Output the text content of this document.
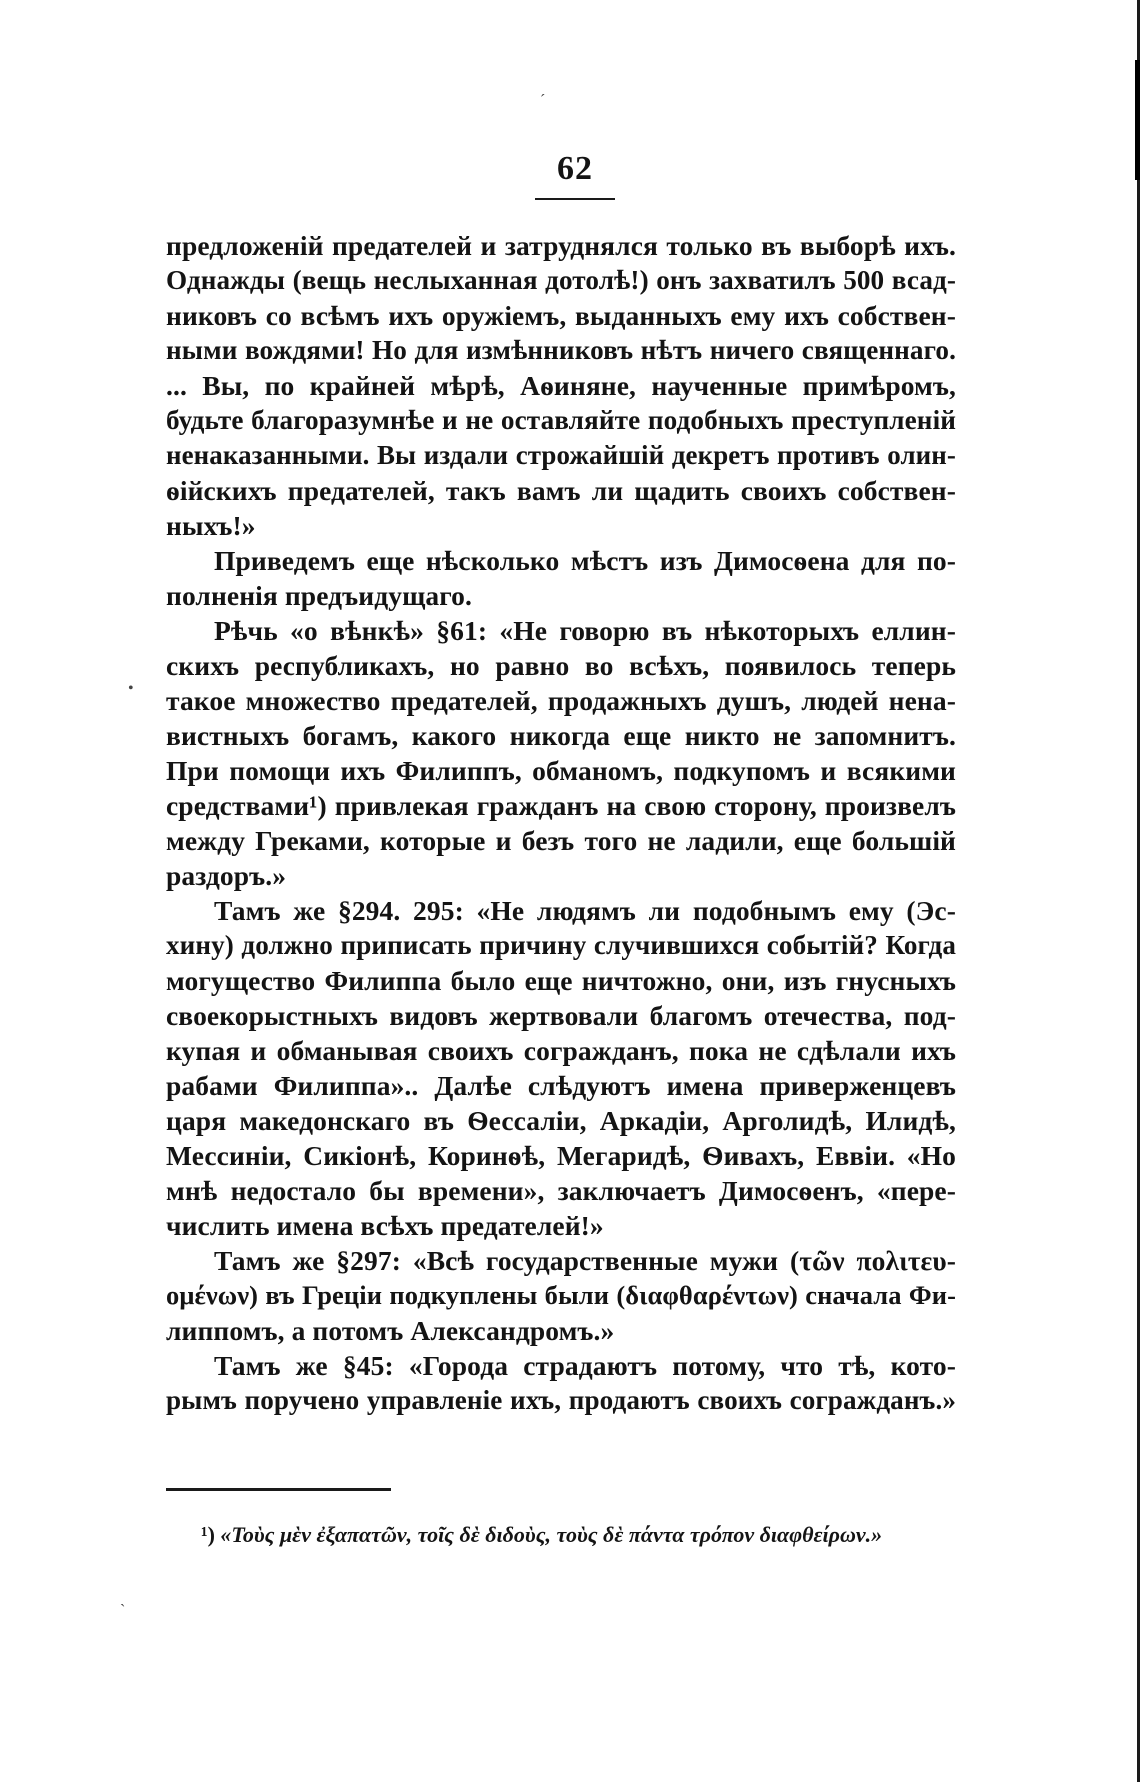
ˊ
•
ˏ
62
предложенiй предателей и затруднялся только въ выборѣ ихъ.
Однажды (вещь неслыханная дотолѣ!) онъ захватилъ 500 всад-
никовъ со всѣмъ ихъ оружiемъ, выданныхъ ему ихъ собствен-
ными вождями! Но для измѣнниковъ нѣтъ ничего священнаго.
... Вы, по крайней мѣрѣ, Аѳиняне, наученные примѣромъ,
будьте благоразумнѣе и не оставляйте подобныхъ преступленiй
ненаказанными. Вы издали строжайшiй декретъ противъ олин-
ѳiйскихъ предателей, такъ вамъ ли щадить своихъ собствен-
ныхъ!»
Приведемъ еще нѣсколько мѣстъ изъ Димосѳена для по-
полненiя предъидущаго.
Рѣчь «о вѣнкѣ» §61: «Не говорю въ нѣкоторыхъ еллин-
скихъ республикахъ, но равно во всѣхъ, появилось теперь
такое множество предателей, продажныхъ душъ, людей нена-
вистныхъ богамъ, какого никогда еще никто не запомнитъ.
При помощи ихъ Филиппъ, обманомъ, подкупомъ и всякими
средствами¹) привлекая гражданъ на свою сторону, произвелъ
между Греками, которые и безъ того не ладили, еще большiй
раздоръ.»
Тамъ же §294. 295: «Не людямъ ли подобнымъ ему (Эс-
хину) должно приписать причину случившихся событiй? Когда
могущество Филиппа было еще ничтожно, они, изъ гнусныхъ
своекорыстныхъ видовъ жертвовали благомъ отечества, под-
купая и обманывая своихъ согражданъ, пока не сдѣлали ихъ
рабами Филиппа».. Далѣе слѣдуютъ имена приверженцевъ
царя македонскаго въ Ѳессалiи, Аркадiи, Арголидѣ, Илидѣ,
Мессинiи, Сикiонѣ, Коринѳѣ, Мегаридѣ, Ѳивахъ, Еввiи. «Но
мнѣ недостало бы времени», заключаетъ Димосѳенъ, «пере-
числить имена всѣхъ предателей!»
Тамъ же §297: «Всѣ государственные мужи (τῶν πολιτευ-
ομένων) въ Грецiи подкуплены были (διαφθαρέντων) сначала Фи-
липпомъ, а потомъ Александромъ.»
Тамъ же §45: «Города страдаютъ потому, что тѣ, кото-
рымъ поручено управленiе ихъ, продаютъ своихъ согражданъ.»
¹) «Τοὺς μὲν ἐξαπατῶν, τοῖς δὲ διδοὺς, τοὺς δὲ πάντα τρόπον διαφθείρων.»
